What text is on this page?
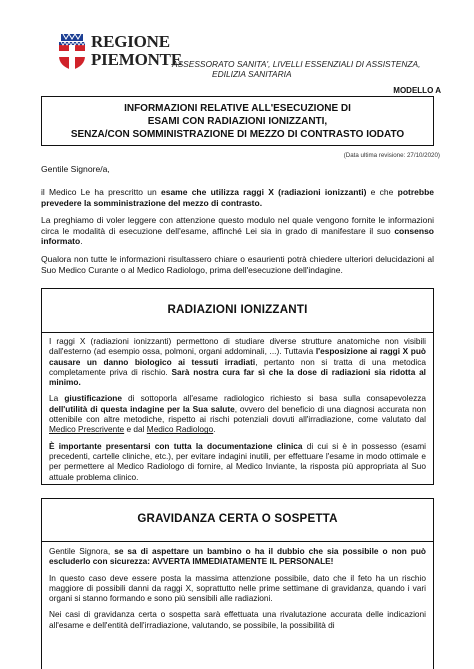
REGIONE
PIEMONTE
ASSESSORATO SANITA', LIVELLI ESSENZIALI DI ASSISTENZA,
EDILIZIA SANITARIA
MODELLO A
INFORMAZIONI RELATIVE ALL'ESECUZIONE DI
ESAMI CON RADIAZIONI IONIZZANTI,
SENZA/CON SOMMINISTRAZIONE DI MEZZO DI CONTRASTO IODATO
(Data ultima revisione: 27/10/2020)
Gentile Signore/a,

il Medico Le ha prescritto un esame che utilizza raggi X (radiazioni ionizzanti) e che potrebbe prevedere la somministrazione del mezzo di contrasto.

La preghiamo di voler leggere con attenzione questo modulo nel quale vengono fornite le informazioni circa le modalità di esecuzione dell'esame, affinché Lei sia in grado di manifestare il suo consenso informato.

Qualora non tutte le informazioni risultassero chiare o esaurienti potrà chiedere ulteriori delucidazioni al Suo Medico Curante o al Medico Radiologo, prima dell'esecuzione dell'indagine.

RADIAZIONI IONIZZANTI

I raggi X (radiazioni ionizzanti) permettono di studiare diverse strutture anatomiche non visibili dall'esterno (ad esempio ossa, polmoni, organi addominali, ...). Tuttavia l'esposizione ai raggi X può causare un danno biologico ai tessuti irradiati, pertanto non si tratta di una metodica completamente priva di rischio. Sarà nostra cura far sì che la dose di radiazioni sia ridotta al minimo.

La giustificazione di sottoporla all'esame radiologico richiesto si basa sulla consapevolezza dell'utilità di questa indagine per la Sua salute, ovvero del beneficio di una diagnosi accurata non ottenibile con altre metodiche, rispetto ai rischi potenziali dovuti all'irradiazione, come valutato dal Medico Prescrivente e dal Medico Radiologo.

È importante presentarsi con tutta la documentazione clinica di cui si è in possesso (esami precedenti, cartelle cliniche, etc.), per evitare indagini inutili, per effettuare l'esame in modo ottimale e per permettere al Medico Radiologo di fornire, al Medico Inviante, la risposta più appropriata al Suo attuale problema clinico.

GRAVIDANZA CERTA O SOSPETTA

Gentile Signora, se sa di aspettare un bambino o ha il dubbio che sia possibile o non può escluderlo con sicurezza: AVVERTA IMMEDIATAMENTE IL PERSONALE!

In questo caso deve essere posta la massima attenzione possibile, dato che il feto ha un rischio maggiore di possibili danni da raggi X, soprattutto nelle prime settimane di gravidanza, quando i vari organi si stanno formando e sono più sensibili alle radiazioni.

Nei casi di gravidanza certa o sospetta sarà effettuata una rivalutazione accurata delle indicazioni all'esame e dell'entità dell'irradiazione, valutando, se possibile, la possibilità di
